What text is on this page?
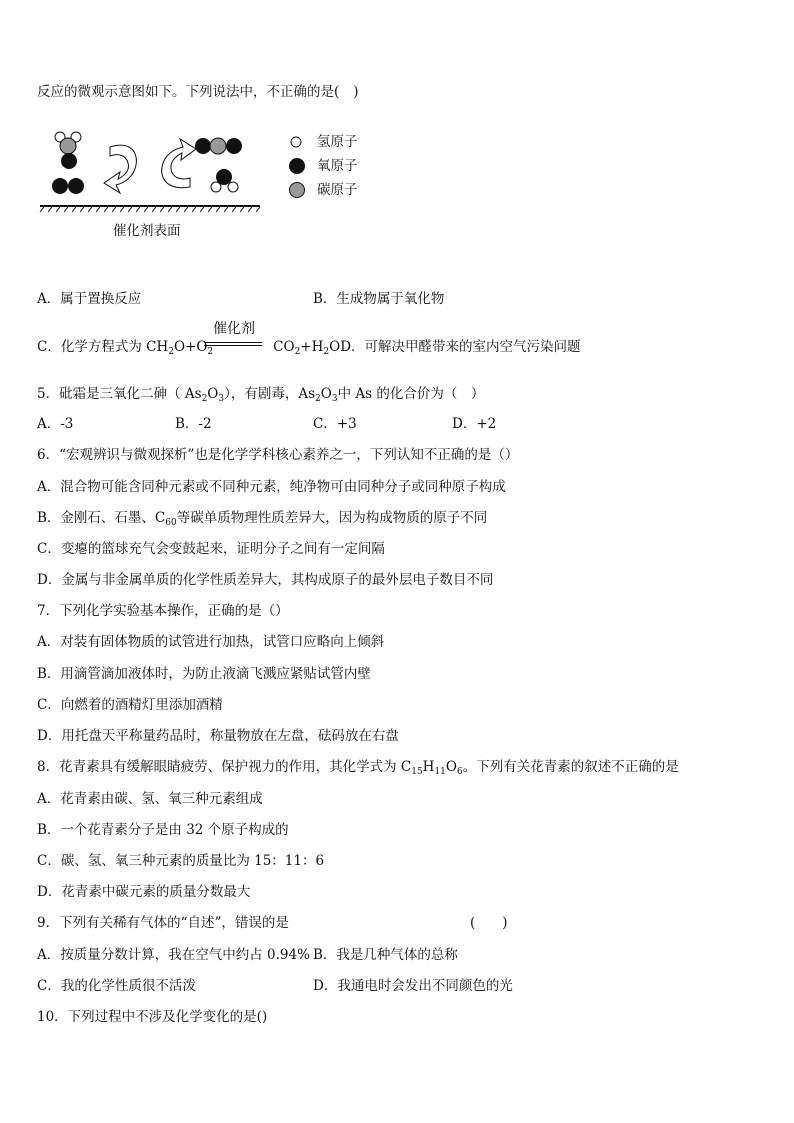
反应的微观示意图如下。下列说法中，不正确的是( )
氢原子
氧原子
碳原子
催化剂表面
A．属于置换反应	B．生成物属于氧化物
催化剂
C．化学方程式为 $CH_2O+O_2$	$CO_2+H_2OD$．可解决甲醛带来的室内空气污染问题
5．砒霜是三氧化二砷（ $As_2O_3$），有剧毒，$As_2O_3$中 As 的化合价为（　）
A．-3	B．-2	C．+3	D．+2
6．“宏观辨识与微观探析”也是化学学科核心素养之一，下列认知不正确的是（）
A．混合物可能含同种元素或不同种元素，纯净物可由同种分子或同种原子构成
B．金刚石、石墨、$C_{60}$等碳单质物理性质差异大，因为构成物质的原子不同
C．变瘪的篮球充气会变鼓起来，证明分子之间有一定间隔
D．金属与非金属单质的化学性质差异大，其构成原子的最外层电子数目不同
7．下列化学实验基本操作，正确的是（）
A．对装有固体物质的试管进行加热，试管口应略向上倾斜
B．用滴管滴加液体时，为防止液滴飞溅应紧贴试管内壁
C．向燃着的酒精灯里添加酒精
D．用托盘天平称量药品时，称量物放在左盘，砝码放在右盘
8．花青素具有缓解眼睛疲劳、保护视力的作用，其化学式为 $C_{15}H_{11}O_6$。下列有关花青素的叙述不正确的是
A．花青素由碳、氢、氧三种元素组成
B．一个花青素分子是由 32 个原子构成的
C．碳、氢、氧三种元素的质量比为 15：11：6
D．花青素中碳元素的质量分数最大
9．下列有关稀有气体的“自述”，错误的是	(　　)
A．按质量分数计算，我在空气中约占 0.94% B．我是几种气体的总称
C．我的化学性质很不活泼	D．我通电时会发出不同颜色的光
10．下列过程中不涉及化学变化的是()
